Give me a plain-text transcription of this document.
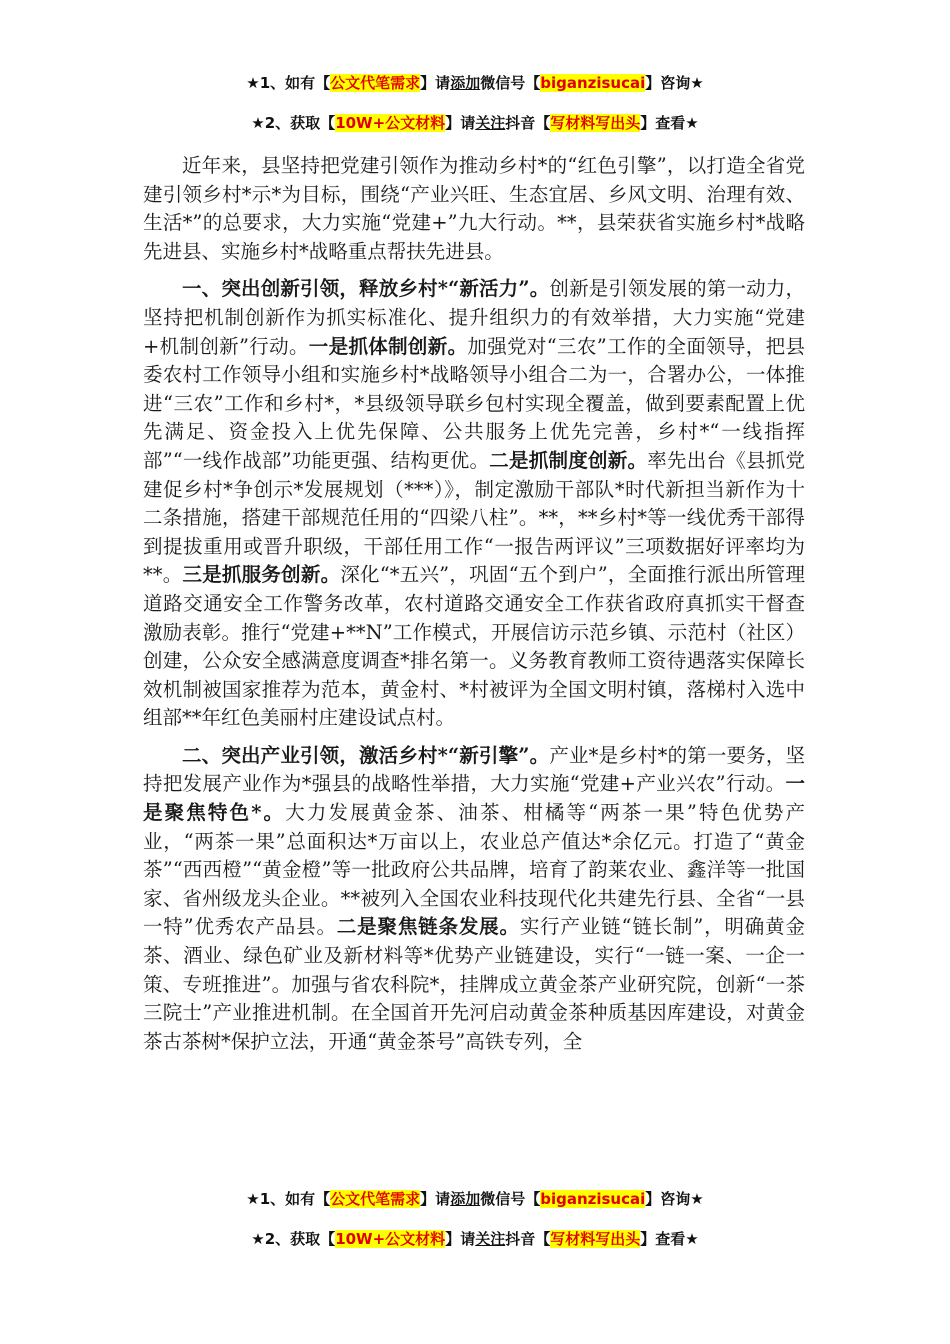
★1、如有【公文代笔需求】请添加微信号【biganzisucai】咨询★
★2、获取【10W+公文材料】请关注抖音【写材料写出头】查看★

近年来，县坚持把党建引领作为推动乡村*的“红色引擎”，以打造全省党建引领乡村*示*为目标，围绕“产业兴旺、生态宜居、乡风文明、治理有效、生活*”的总要求，大力实施“党建+”九大行动。**，县荣获省实施乡村*战略先进县、实施乡村*战略重点帮扶先进县。

一、突出创新引领，释放乡村*“新活力”。创新是引领发展的第一动力，坚持把机制创新作为抓实标准化、提升组织力的有效举措，大力实施“党建+机制创新”行动。一是抓体制创新。加强党对“三农”工作的全面领导，把县委农村工作领导小组和实施乡村*战略领导小组合二为一，合署办公，一体推进“三农”工作和乡村*，*县级领导联乡包村实现全覆盖，做到要素配置上优先满足、资金投入上优先保障、公共服务上优先完善，乡村*“一线指挥部”“一线作战部”功能更强、结构更优。二是抓制度创新。率先出台《县抓党建促乡村*争创示*发展规划（***）》，制定激励干部队*时代新担当新作为十二条措施，搭建干部规范任用的“四梁八柱”。**，**乡村*等一线优秀干部得到提拔重用或晋升职级，干部任用工作“一报告两评议”三项数据好评率均为**。三是抓服务创新。深化“*五兴”，巩固“五个到户”，全面推行派出所管理道路交通安全工作警务改革，农村道路交通安全工作获省政府真抓实干督查激励表彰。推行“党建+**N”工作模式，开展信访示范乡镇、示范村（社区）创建，公众安全感满意度调查*排名第一。义务教育教师工资待遇落实保障长效机制被国家推荐为范本，黄金村、*村被评为全国文明村镇，落梯村入选中组部**年红色美丽村庄建设试点村。

二、突出产业引领，激活乡村*“新引擎”。产业*是乡村*的第一要务，坚持把发展产业作为*强县的战略性举措，大力实施“党建+产业兴农”行动。一是聚焦特色*。大力发展黄金茶、油茶、柑橘等“两茶一果”特色优势产业，“两茶一果”总面积达*万亩以上，农业总产值达*余亿元。打造了“黄金茶”“西西橙”“黄金橙”等一批政府公共品牌，培育了韵莱农业、鑫洋等一批国家、省州级龙头企业。**被列入全国农业科技现代化共建先行县、全省“一县一特”优秀农产品县。二是聚焦链条发展。实行产业链“链长制”，明确黄金茶、酒业、绿色矿业及新材料等*优势产业链建设，实行“一链一案、一企一策、专班推进”。加强与省农科院*，挂牌成立黄金茶产业研究院，创新“一茶三院士”产业推进机制。在全国首开先河启动黄金茶种质基因库建设，对黄金茶古茶树*保护立法，开通“黄金茶号”高铁专列，全

★1、如有【公文代笔需求】请添加微信号【biganzisucai】咨询★
★2、获取【10W+公文材料】请关注抖音【写材料写出头】查看★
